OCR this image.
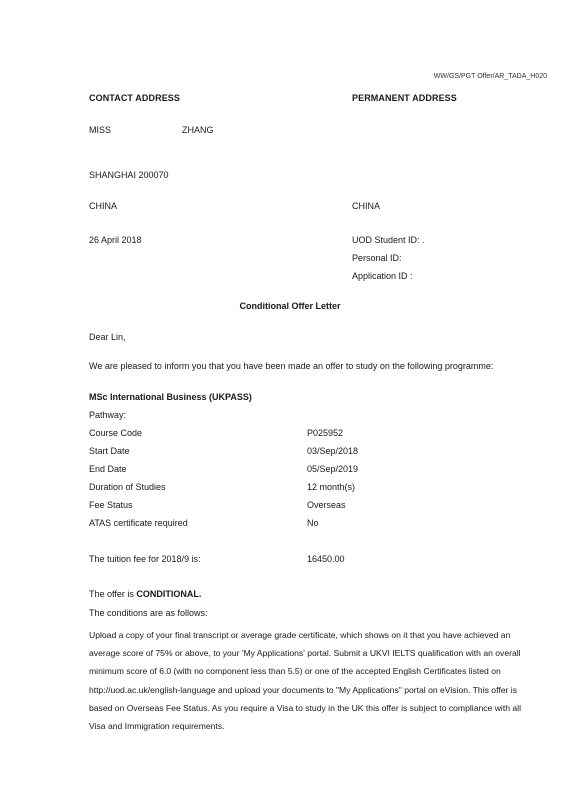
WW/GS/PGT Offer/AR_TADA_H020
CONTACT ADDRESS	PERMANENT ADDRESS
MISS	ZHANG
SHANGHAI 200070
CHINA	CHINA
26 April 2018	UOD Student ID: .
Personal ID:
Application ID :
Conditional Offer Letter
Dear Lin,
We are pleased to inform you that you have been made an offer to study on the following programme:
MSc International Business (UKPASS)
Pathway:
Course Code	P025952
Start Date	03/Sep/2018
End Date	05/Sep/2019
Duration of Studies	12 month(s)
Fee Status	Overseas
ATAS certificate required	No
The tuition fee for 2018/9 is:	16450.00
The offer is CONDITIONAL.
The conditions are as follows:
Upload a copy of your final transcript or average grade certificate, which shows on it that you have achieved an average score of 75% or above, to your 'My Applications' portal. Submit a UKVI IELTS qualification with an overall minimum score of 6.0 (with no component less than 5.5) or one of the accepted English Certificates listed on http://uod.ac.uk/english-language and upload your documents to "My Applications" portal on eVision. This offer is based on Overseas Fee Status. As you require a Visa to study in the UK this offer is subject to compliance with all Visa and Immigration requirements.
